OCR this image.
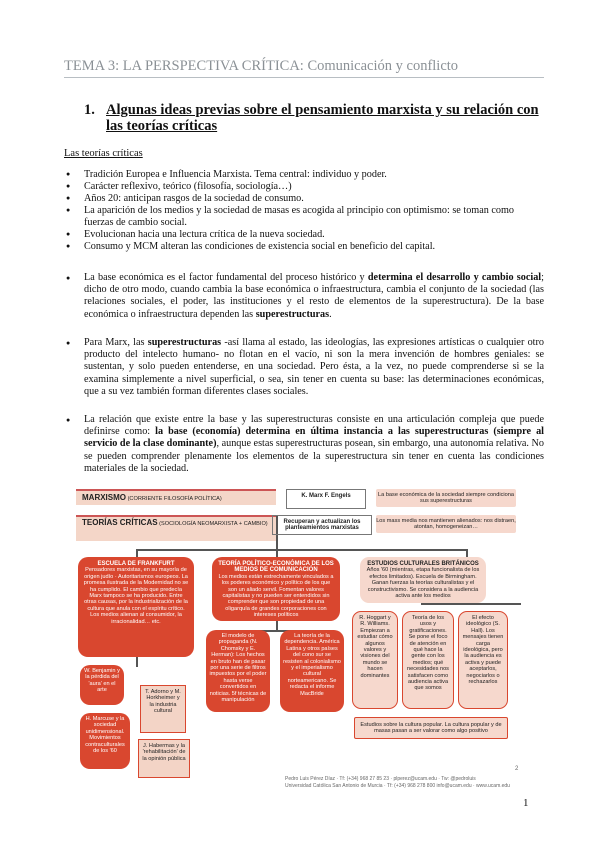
TEMA 3: LA PERSPECTIVA CRÍTICA: Comunicación y conflicto
1. Algunas ideas previas sobre el pensamiento marxista y su relación con las teorías críticas
Las teorías críticas
● Tradición Europea e Influencia Marxista. Tema central: individuo y poder.
● Carácter reflexivo, teórico (filosofía, sociología…)
● Años 20: anticipan rasgos de la sociedad de consumo.
● La aparición de los medios y la sociedad de masas es acogida al principio con optimismo: se toman como fuerzas de cambio social.
● Evolucionan hacia una lectura crítica de la nueva sociedad.
● Consumo y MCM alteran las condiciones de existencia social en beneficio del capital.
● La base económica es el factor fundamental del proceso histórico y determina el desarrollo y cambio social; dicho de otro modo, cuando cambia la base económica o infraestructura, cambia el conjunto de la sociedad (las relaciones sociales, el poder, las instituciones y el resto de elementos de la superestructura). De la base económica o infraestructura dependen las superestructuras.
● Para Marx, las superestructuras -así llama al estado, las ideologías, las expresiones artísticas o cualquier otro producto del intelecto humano- no flotan en el vacío, ni son la mera invención de hombres geniales: se sustentan, y solo pueden entenderse, en una sociedad. Pero ésta, a la vez, no puede comprenderse si se la examina simplemente a nivel superficial, o sea, sin tener en cuenta su base: las determinaciones económicas, que a su vez también forman diferentes clases sociales.
● La relación que existe entre la base y las superestructuras consiste en una articulación compleja que puede definirse como: la base (economía) determina en última instancia a las superestructuras (siempre al servicio de la clase dominante), aunque estas superestructuras posean, sin embargo, una autonomía relativa. No se pueden comprender plenamente los elementos de la superestructura sin tener en cuenta las condiciones materiales de la sociedad.
MARXISMO (CORRIENTE FILOSOFÍA POLÍTICA)	K. Marx F. Engels	La base económica de la sociedad siempre condiciona sus superestructuras
TEORÍAS CRÍTICAS (SOCIOLOGÍA NEOMARXISTA + CAMBIO)	Recuperan y actualizan los planteamientos marxistas
Los mass media nos mantienen alienados: nos distraen, atontan, homogeneizan…
ESCUELA DE FRANKFURT
Pensadores marxistas, en su mayoría de origen judío · Autoritarismos europeos. La promesa ilustrada de la Modernidad no se ha cumplido. El cambio que predecía Marx tampoco se ha producido. Entre otras causas, por la industrialización de la cultura que anula con el espíritu crítico. Los medios alienan al consumidor, la irracionalidad… etc.
TEORÍA POLÍTICO-ECONÓMICA DE LOS MEDIOS DE COMUNICACIÓN
Los medios están estrechamente vinculados a los poderes económico y político de los que son un aliado servil. Fomentan valores capitalistas y no pueden ser entendidos sin comprender que son propiedad de una oligarquía de grandes corporaciones con intereses políticos
ESTUDIOS CULTURALES BRITÁNICOS
Años '60 (mientras, etapa funcionalista de los efectos limitados). Escuela de Birmingham. Ganan fuerzas la teorías culturalistas y el constructivismo. Se considera a la audiencia activa ante los medios
W. Benjamin y la pérdida del 'aura' en el arte	T. Adorno y M. Horkheimer y la industria cultural
H. Marcuse y la sociedad unidimensional. Movimientos contraculturales de los '60
J. Habermas y la 'rehabilitación' de la opinión pública
El modelo de propaganda (N. Chomsky y E. Herman): Los hechos en bruto han de pasar por una serie de filtros impuestos por el poder hasta verse convertidos en noticias. 5f técnicas de manipulación
La teoría de la dependencia. América Latina y otros países del cono sur se resisten al colonialismo y el imperialismo cultural norteamericano. Se redacta el informe MacBride
R. Hoggart y R. Williams. Empiezan a estudiar cómo algunos valores y visiones del mundo se hacen dominantes
Teoría de los usos y gratificaciones. Se pone el foco de atención en qué hace la gente con los medios; qué necesidades nos satisfacen como audiencia activa que somos
El efecto ideológico (S. Hall). Los mensajes tienen carga ideológica, pero la audiencia es activa y puede aceptarlos, negociarlos o rechazarlos
Estudios sobre la cultura popular. La cultura popular y de masas pasan a ser valorar como algo positivo
2
Pedro Luis Pérez Díaz · Tf: (+34) 968 27 85 23 · plperez@ucam.edu · Tw: @pedroluis
Universidad Católica San Antonio de Murcia · Tf: (+34) 968 278 800 info@ucam.edu · www.ucam.edu
1
